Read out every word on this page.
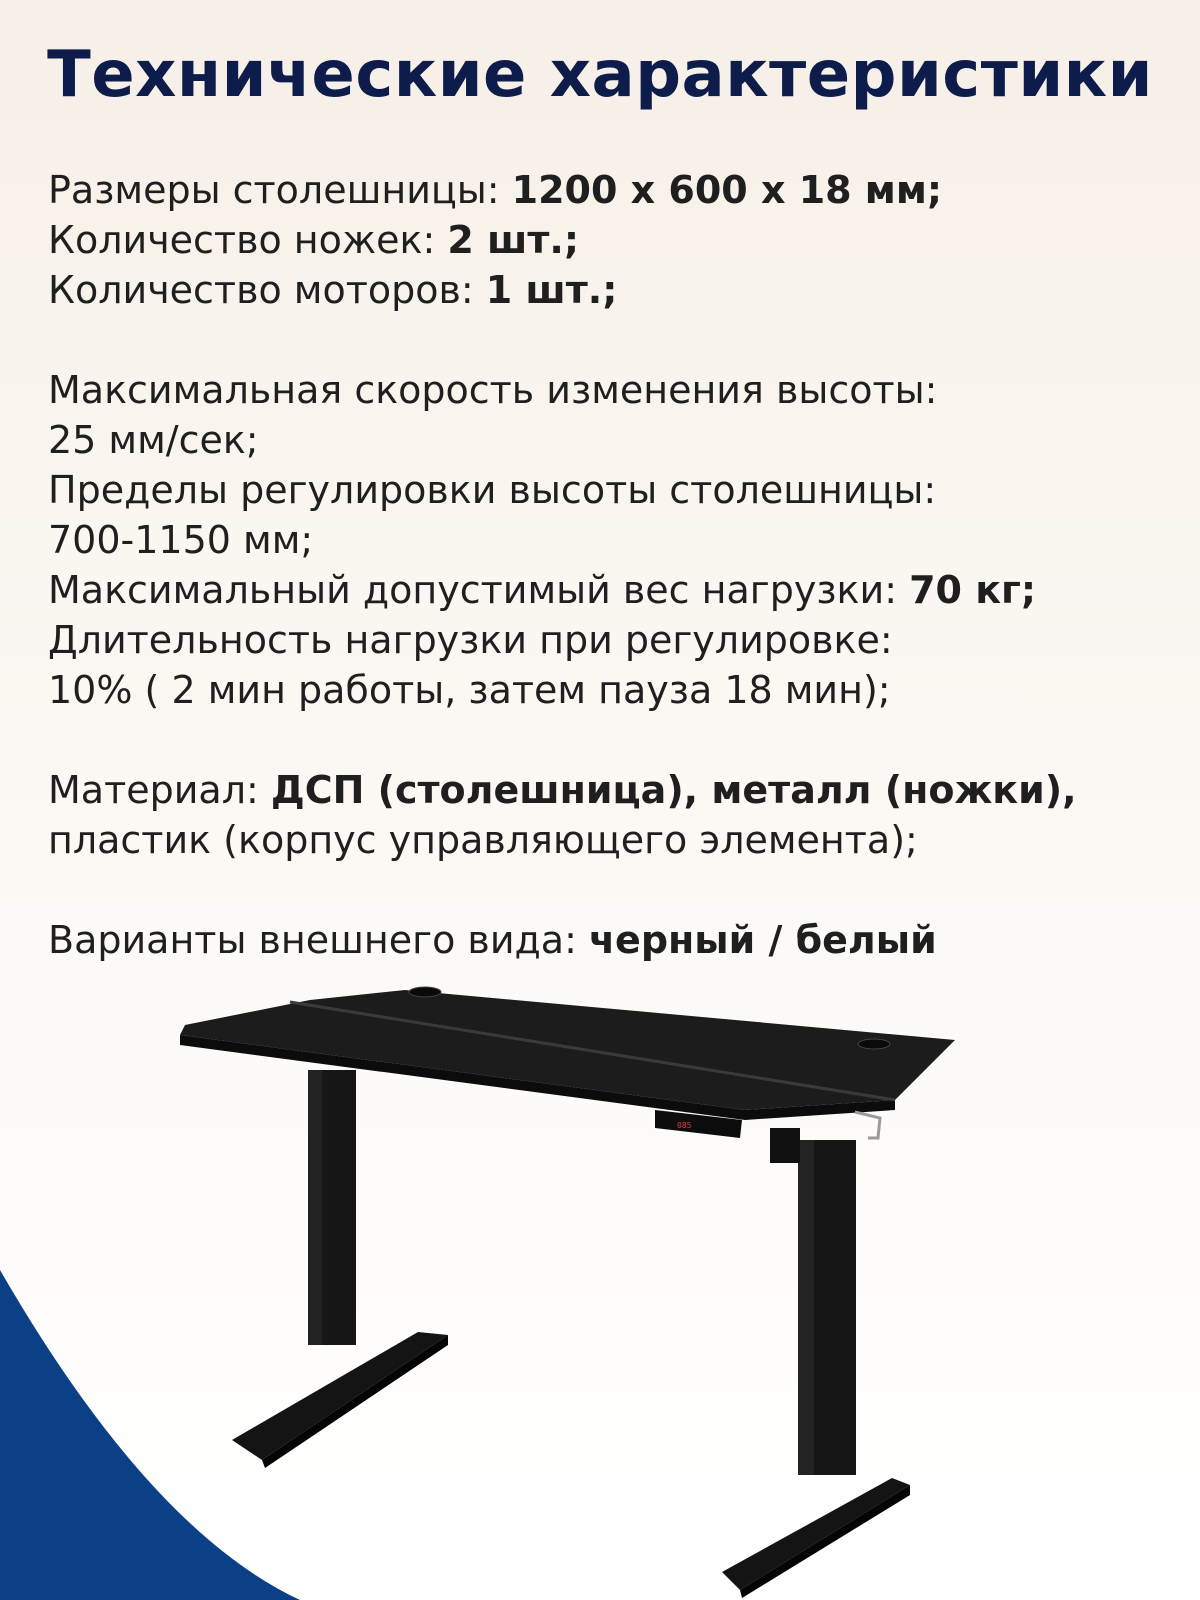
Технические характеристики
Размеры столешницы: 1200 х 600 х 18 мм;
Количество ножек: 2 шт.;
Количество моторов: 1 шт.;
Максимальная скорость изменения высоты:
25 мм/сек;
Пределы регулировки высоты столешницы:
700-1150 мм;
Максимальный допустимый вес нагрузки: 70 кг;
Длительность нагрузки при регулировке:
10% ( 2 мин работы, затем пауза 18 мин);
Материал: ДСП (столешница), металл (ножки),
пластик (корпус управляющего элемента);
Варианты внешнего вида: черный / белый
085
